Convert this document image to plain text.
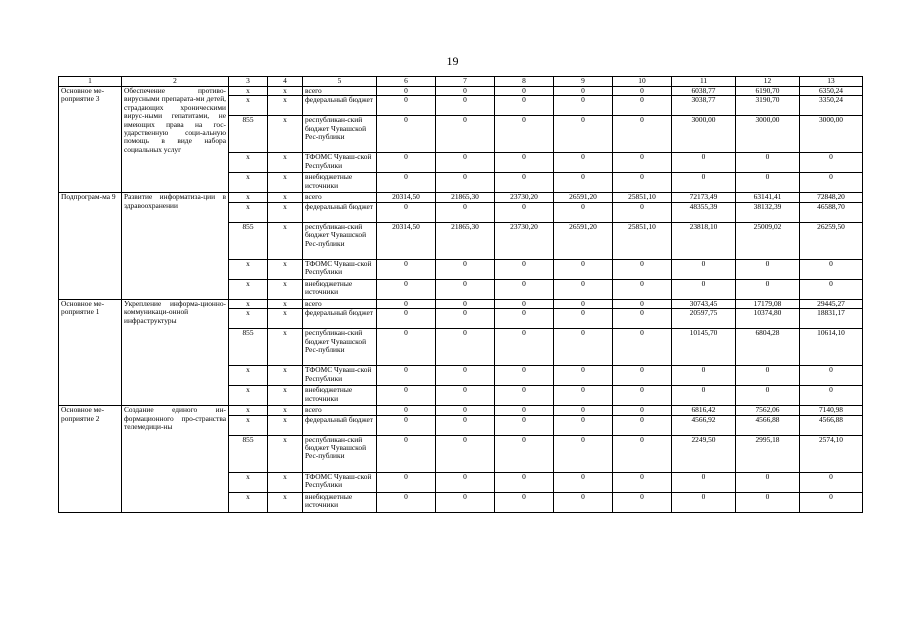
19
1	2	3	4	5	6	7	8	9	10	11	12	13
Основное ме-роприятие 3	Обеспечение противо-вирусными препарата-ми детей, страдающих хроническими вирус-ными гепатитами, не имеющих права на гос-ударственную соци-альную помощь в виде набора социальных услуг	x	x	всего	0	0	0	0	0	6038,77	6190,70	6350,24
		x	x	федеральный бюджет	0	0	0	0	0	3038,77	3190,70	3350,24
		855	x	республикан-ский бюджет Чувашской Рес-публики	0	0	0	0	0	3000,00	3000,00	3000,00
		x	x	ТФОМС Чуваш-ской Республики	0	0	0	0	0	0	0	0
		x	x	внебюджетные источники	0	0	0	0	0	0	0	0
Подпрограм-ма 9	Развитие информатиза-ции в здравоохранении	x	x	всего	20314,50	21865,30	23730,20	26591,20	25851,10	72173,49	63141,41	72848,20
		x	x	федеральный бюджет	0	0	0	0	0	48355,39	38132,39	46588,70
		855	x	республикан-ский бюджет Чувашской Рес-публики	20314,50	21865,30	23730,20	26591,20	25851,10	23818,10	25009,02	26259,50
		x	x	ТФОМС Чуваш-ской Республики	0	0	0	0	0	0	0	0
		x	x	внебюджетные источники	0	0	0	0	0	0	0	0
Основное ме-роприятие 1	Укрепление информа-ционно-коммуникаци-онной инфраструктуры	x	x	всего	0	0	0	0	0	30743,45	17179,08	29445,27
		x	x	федеральный бюджет	0	0	0	0	0	20597,75	10374,80	18831,17
		855	x	республикан-ский бюджет Чувашской Рес-публики	0	0	0	0	0	10145,70	6804,28	10614,10
		x	x	ТФОМС Чуваш-ской Республики	0	0	0	0	0	0	0	0
		x	x	внебюджетные источники	0	0	0	0	0	0	0	0
Основное ме-роприятие 2	Создание единого ин-формационного про-странства телемедици-ны	x	x	всего	0	0	0	0	0	6816,42	7562,06	7140,98
		x	x	федеральный бюджет	0	0	0	0	0	4566,92	4566,88	4566,88
		855	x	республикан-ский бюджет Чувашской Рес-публики	0	0	0	0	0	2249,50	2995,18	2574,10
		x	x	ТФОМС Чуваш-ской Республики	0	0	0	0	0	0	0	0
		x	x	внебюджетные источники	0	0	0	0	0	0	0	0
